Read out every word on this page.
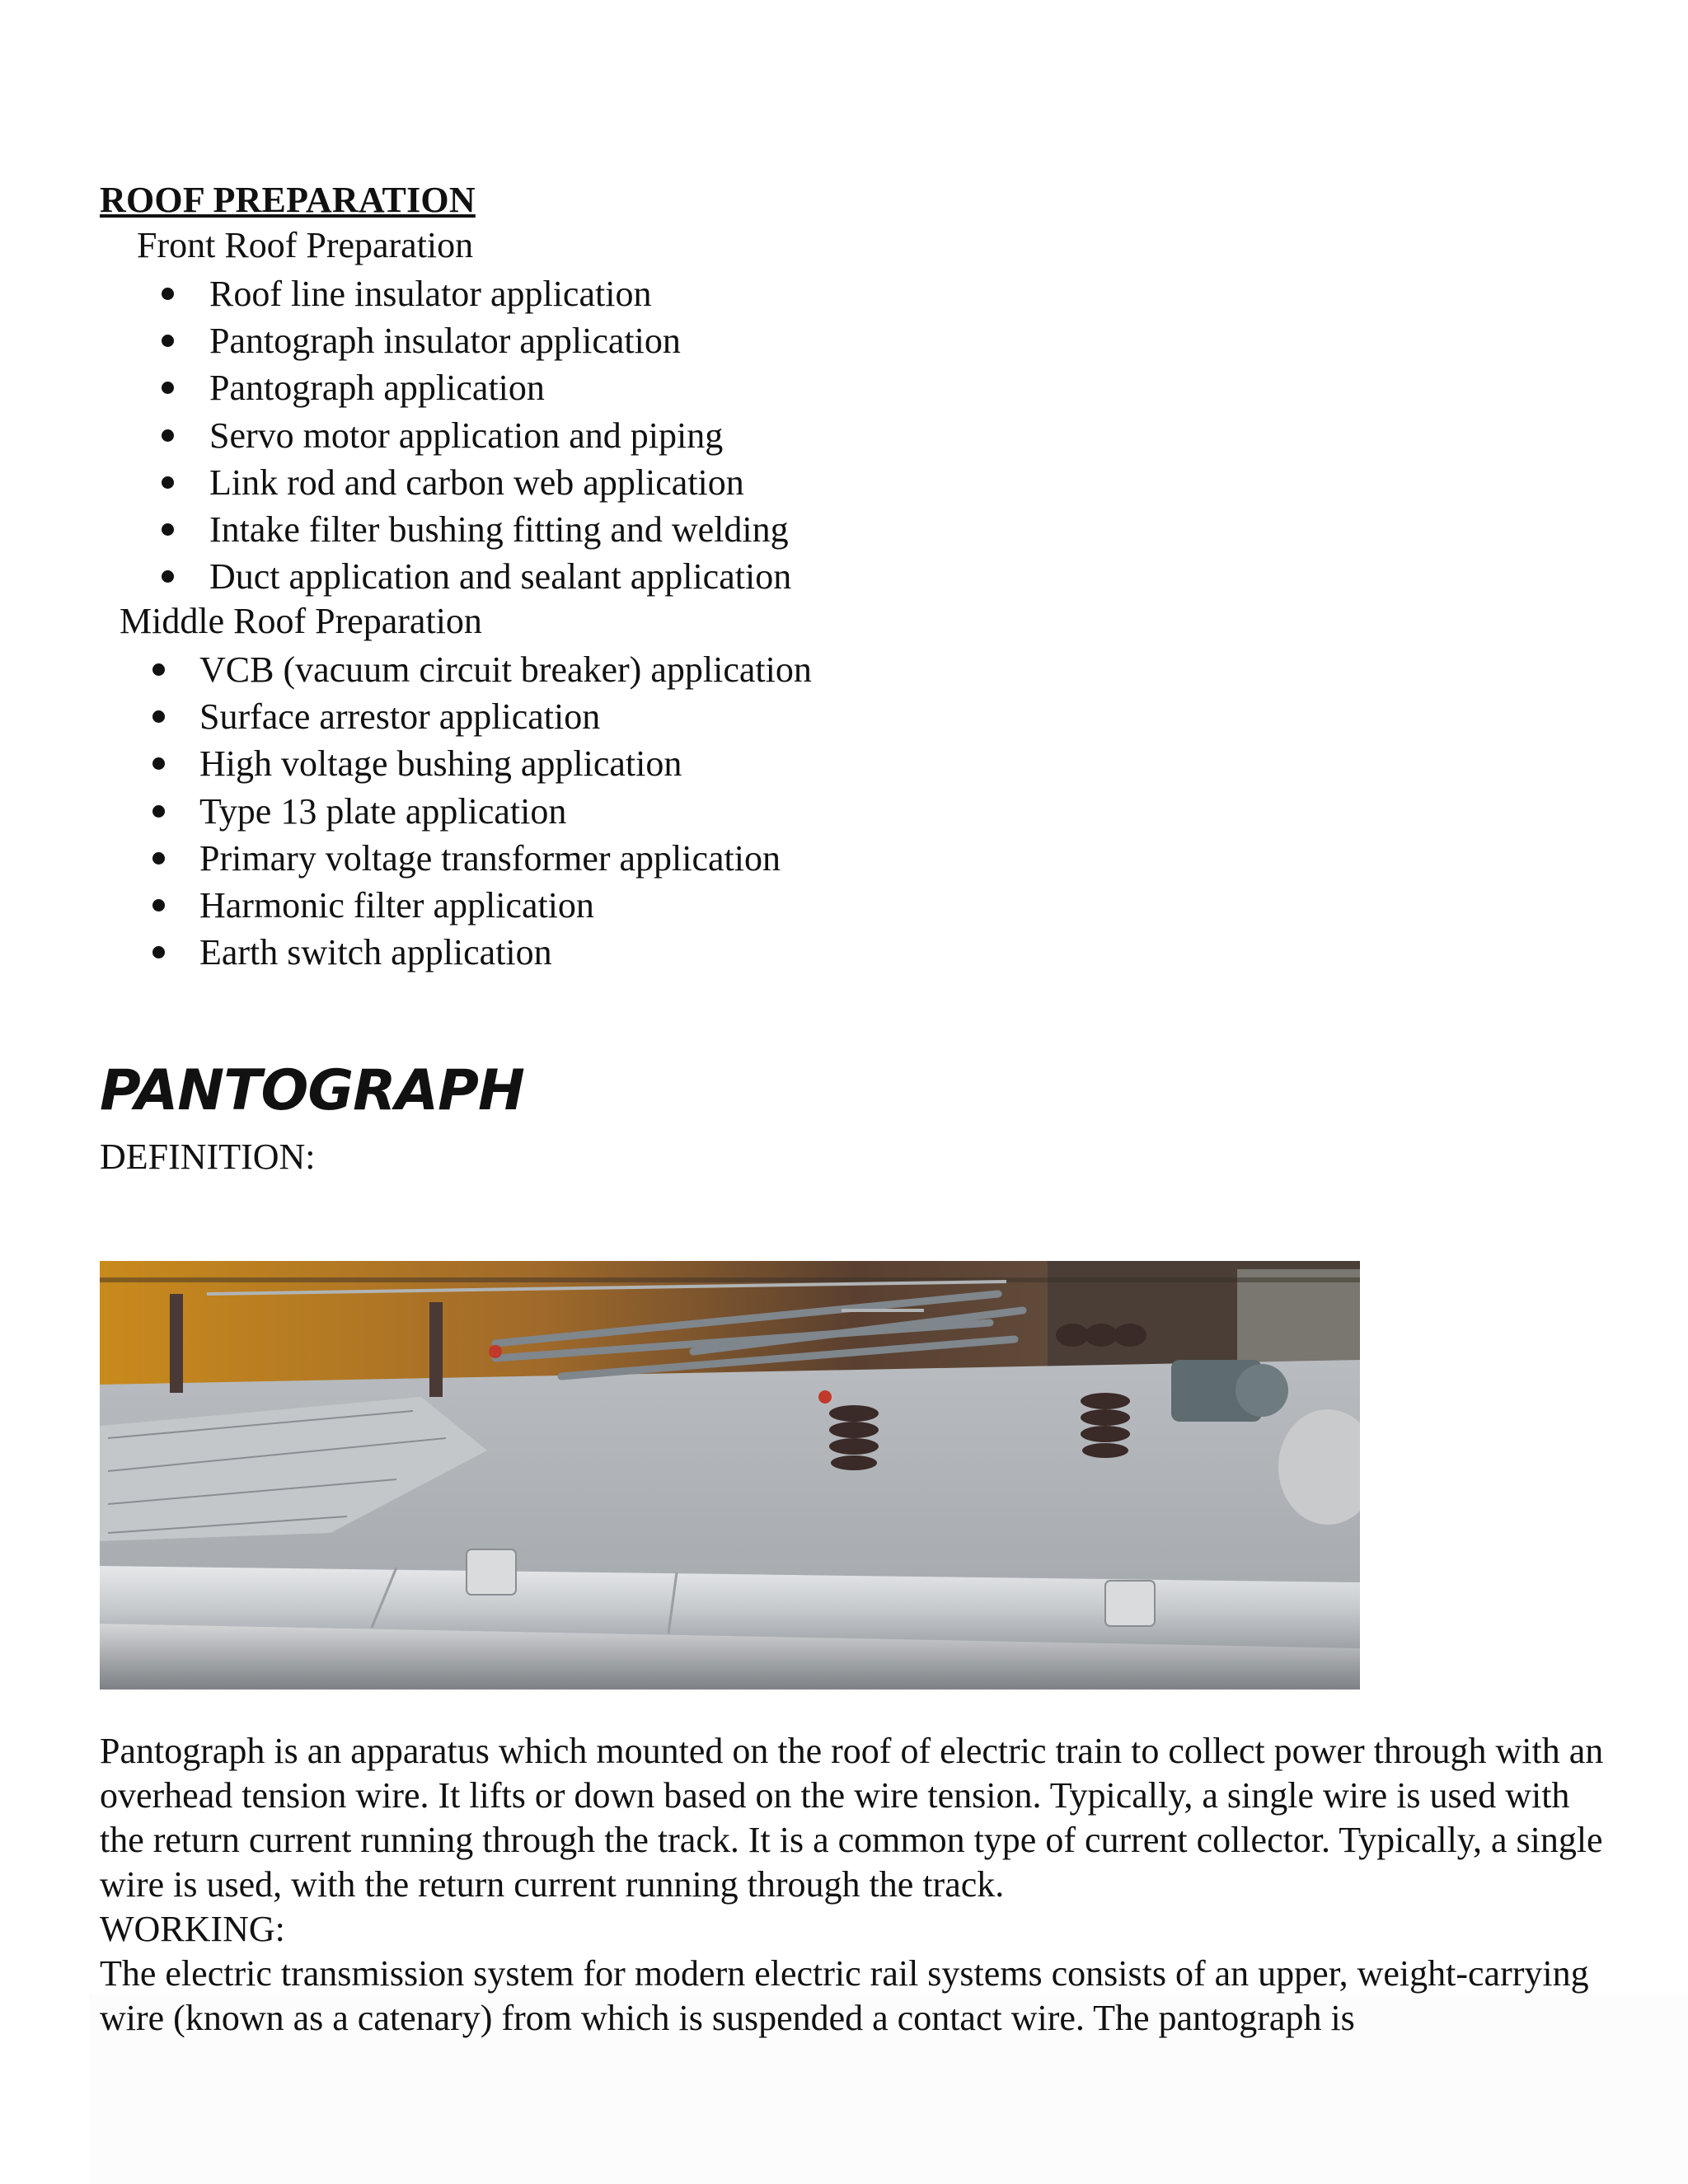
ROOF PREPARATION
Front Roof Preparation
Roof line insulator application
Pantograph insulator application
Pantograph application
Servo motor application and piping
Link rod and carbon web application
Intake filter bushing fitting and welding
Duct application and sealant application
Middle Roof Preparation
VCB (vacuum circuit breaker) application
Surface arrestor application
High voltage bushing application
Type 13 plate application
Primary voltage transformer application
Harmonic filter application
Earth switch application
PANTOGRAPH
DEFINITION:
Pantograph is an apparatus which mounted on the roof of electric train to collect power through with an overhead tension wire. It lifts or down based on the wire tension. Typically, a single wire is used with the return current running through the track. It is a common type of current collector. Typically, a single wire is used, with the return current running through the track.
WORKING:
The electric transmission system for modern electric rail systems consists of an upper, weight-carrying wire (known as a catenary) from which is suspended a contact wire. The pantograph is
